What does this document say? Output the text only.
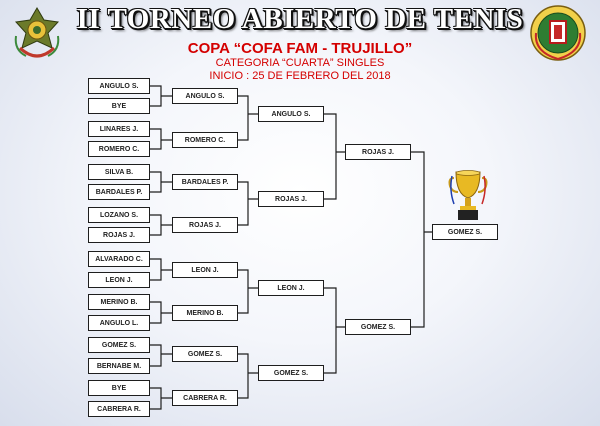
II TORNEO ABIERTO DE TENIS
COPA “COFA FAM - TRUJILLO”
CATEGORIA “CUARTA” SINGLES
INICIO : 25 DE FEBRERO DEL 2018
ANGULO S.
BYE
LINARES J.
ROMERO C.
SILVA B.
BARDALES P.
LOZANO S.
ROJAS J.
ALVARADO C.
LEON J.
MERINO B.
ANGULO L.
GOMEZ S.
BERNABE M.
BYE
CABRERA R.
ANGULO S.
ROMERO C.
BARDALES P.
ROJAS J.
LEON J.
MERINO B.
GOMEZ S.
CABRERA R.
ANGULO S.
ROJAS J.
LEON J.
GOMEZ S.
ROJAS J.
GOMEZ S.
GOMEZ S.
